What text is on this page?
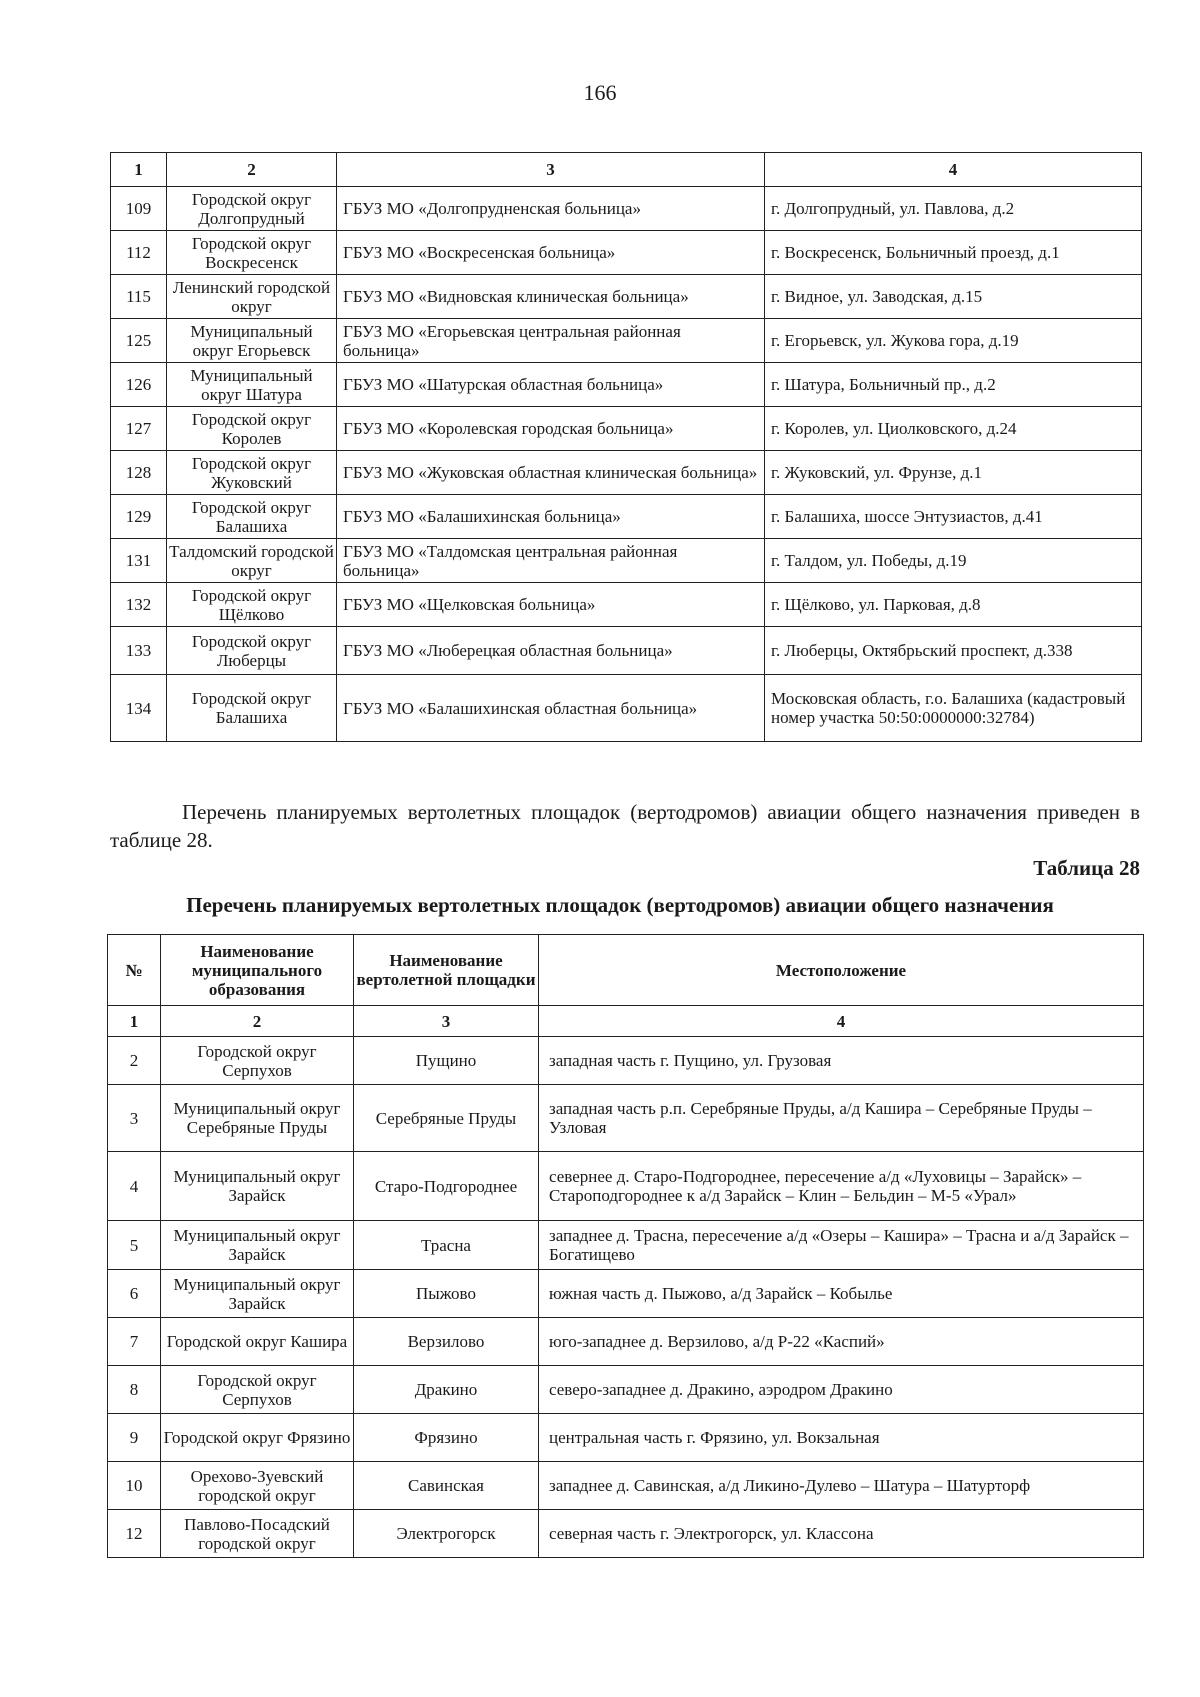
166
1	2	3	4
109	Городской округ Долгопрудный	ГБУЗ МО «Долгопрудненская больница»	г. Долгопрудный, ул. Павлова, д.2
112	Городской округ Воскресенск	ГБУЗ МО «Воскресенская больница»	г. Воскресенск, Больничный проезд, д.1
115	Ленинский городской округ	ГБУЗ МО «Видновская клиническая больница»	г. Видное, ул. Заводская, д.15
125	Муниципальный округ Егорьевск	ГБУЗ МО «Егорьевская центральная районная больница»	г. Егорьевск, ул. Жукова гора, д.19
126	Муниципальный округ Шатура	ГБУЗ МО «Шатурская областная больница»	г. Шатура, Больничный пр., д.2
127	Городской округ Королев	ГБУЗ МО «Королевская городская больница»	г. Королев, ул. Циолковского, д.24
128	Городской округ Жуковский	ГБУЗ МО «Жуковская областная клиническая больница»	г. Жуковский, ул. Фрунзе, д.1
129	Городской округ Балашиха	ГБУЗ МО «Балашихинская больница»	г. Балашиха, шоссе Энтузиастов, д.41
131	Талдомский городской округ	ГБУЗ МО «Талдомская центральная районная больница»	г. Талдом, ул. Победы, д.19
132	Городской округ Щёлково	ГБУЗ МО «Щелковская больница»	г. Щёлково, ул. Парковая, д.8
133	Городской округ Люберцы	ГБУЗ МО «Люберецкая областная больница»	г. Люберцы, Октябрьский проспект, д.338
134	Городской округ Балашиха	ГБУЗ МО «Балашихинская областная больница»	Московская область, г.о. Балашиха (кадастровый номер участка 50:50:0000000:32784)

Перечень планируемых вертолетных площадок (вертодромов) авиации общего назначения приведен в таблице 28.

Таблица 28
Перечень планируемых вертолетных площадок (вертодромов) авиации общего назначения
№	Наименование муниципального образования	Наименование вертолетной площадки	Местоположение
1	2	3	4
2	Городской округ Серпухов	Пущино	западная часть г. Пущино, ул. Грузовая
3	Муниципальный округ Серебряные Пруды	Серебряные Пруды	западная часть р.п. Серебряные Пруды, а/д Кашира – Серебряные Пруды – Узловая
4	Муниципальный округ Зарайск	Старо-Подгороднее	севернее д. Старо-Подгороднее, пересечение а/д «Луховицы – Зарайск» – Староподгороднее к а/д Зарайск – Клин – Бельдин – М-5 «Урал»
5	Муниципальный округ Зарайск	Трасна	западнее д. Трасна, пересечение а/д «Озеры – Кашира» – Трасна и а/д Зарайск – Богатищево
6	Муниципальный округ Зарайск	Пыжово	южная часть д. Пыжово, а/д Зарайск – Кобылье
7	Городской округ Кашира	Верзилово	юго-западнее д. Верзилово, а/д Р-22 «Каспий»
8	Городской округ Серпухов	Дракино	северо-западнее д. Дракино, аэродром Дракино
9	Городской округ Фрязино	Фрязино	центральная часть г. Фрязино, ул. Вокзальная
10	Орехово-Зуевский городской округ	Савинская	западнее д. Савинская, а/д Ликино-Дулево – Шатура – Шатурторф
12	Павлово-Посадский городской округ	Электрогорск	северная часть г. Электрогорск, ул. Классона
